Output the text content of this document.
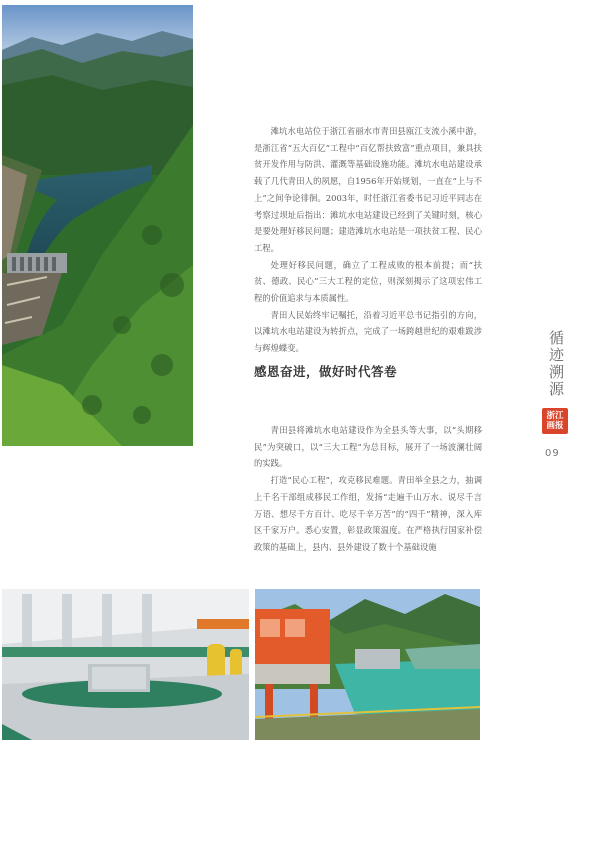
滩坑水电站位于浙江省丽水市青田县瓯江支流小溪中游，是浙江省“五大百亿”工程中“百亿帮扶致富”重点项目，兼具扶贫开发作用与防洪、灌溉等基础设施功能。滩坑水电站建设承载了几代青田人的夙愿，自1956年开始规划，一直在“上与不上”之间争论徘徊。2003年，时任浙江省委书记习近平同志在考察过坝址后指出：滩坑水电站建设已经到了关键时刻，核心是要处理好移民问题；建造滩坑水电站是一项扶贫工程、民心工程。

处理好移民问题，确立了工程成败的根本前提；而“扶贫、德政、民心”三大工程的定位，则深刻揭示了这项宏伟工程的价值追求与本质属性。

青田人民始终牢记嘱托，沿着习近平总书记指引的方向，以滩坑水电站建设为转折点，完成了一场跨越世纪的艰难跋涉与辉煌蝶变。

感恩奋进，做好时代答卷

青田县将滩坑水电站建设作为全县头等大事，以“头期移民”为突破口，以“三大工程”为总目标，展开了一场波澜壮阔的实践。

打造“民心工程”，攻克移民难题。青田举全县之力，抽调上千名干部组成移民工作组，发扬“走遍千山万水、说尽千言万语、想尽千方百计、吃尽千辛万苦”的“四千”精神，深入库区千家万户。悉心安置，彰显政策温度。在严格执行国家补偿政策的基础上，县内、县外建设了数十个基础设施

循迹溯源
浙江画报
09
